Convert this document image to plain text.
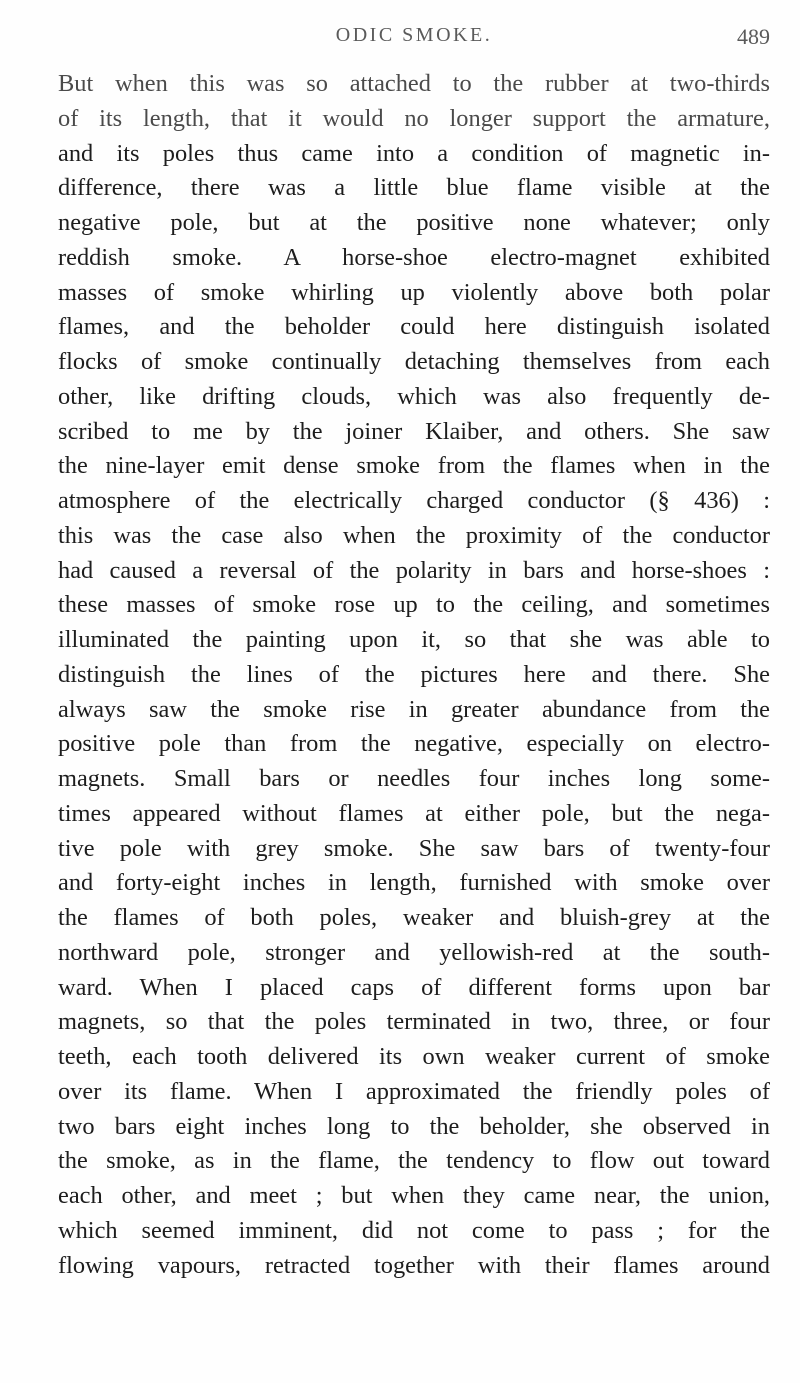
ODIC SMOKE.	489
But when this was so attached to the rubber at two-thirds
of its length, that it would no longer support the armature,
and its poles thus came into a condition of magnetic in-
difference, there was a little blue flame visible at the
negative pole, but at the positive none whatever; only
reddish smoke. A horse-shoe electro-magnet exhibited
masses of smoke whirling up violently above both polar
flames, and the beholder could here distinguish isolated
flocks of smoke continually detaching themselves from each
other, like drifting clouds, which was also frequently de-
scribed to me by the joiner Klaiber, and others. She saw
the nine-layer emit dense smoke from the flames when in the
atmosphere of the electrically charged conductor (§ 436) :
this was the case also when the proximity of the conductor
had caused a reversal of the polarity in bars and horse-shoes :
these masses of smoke rose up to the ceiling, and sometimes
illuminated the painting upon it, so that she was able to
distinguish the lines of the pictures here and there. She
always saw the smoke rise in greater abundance from the
positive pole than from the negative, especially on electro-
magnets. Small bars or needles four inches long some-
times appeared without flames at either pole, but the nega-
tive pole with grey smoke. She saw bars of twenty-four
and forty-eight inches in length, furnished with smoke over
the flames of both poles, weaker and bluish-grey at the
northward pole, stronger and yellowish-red at the south-
ward. When I placed caps of different forms upon bar
magnets, so that the poles terminated in two, three, or four
teeth, each tooth delivered its own weaker current of smoke
over its flame. When I approximated the friendly poles of
two bars eight inches long to the beholder, she observed in
the smoke, as in the flame, the tendency to flow out toward
each other, and meet ; but when they came near, the union,
which seemed imminent, did not come to pass ; for the
flowing vapours, retracted together with their flames around
